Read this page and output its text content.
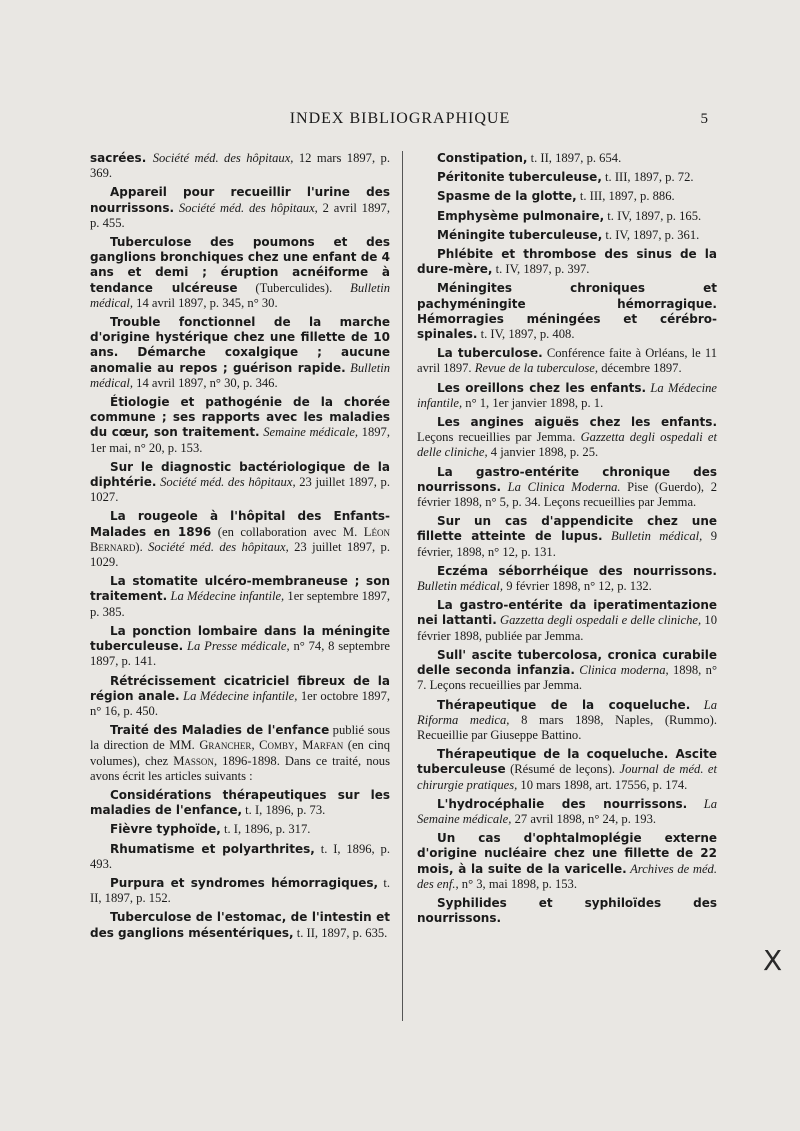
INDEX BIBLIOGRAPHIQUE	5

sacrées. Société méd. des hôpitaux, 12 mars 1897, p. 369.

Appareil pour recueillir l'urine des nourrissons. Société méd. des hôpitaux, 2 avril 1897, p. 455.

Tuberculose des poumons et des ganglions bronchiques chez une enfant de 4 ans et demi ; éruption acnéiforme à tendance ulcéreuse (Tuberculides). Bulletin médical, 14 avril 1897, p. 345, n° 30.

Trouble fonctionnel de la marche d'origine hystérique chez une fillette de 10 ans. Démarche coxalgique ; aucune anomalie au repos ; guérison rapide. Bulletin médical, 14 avril 1897, n° 30, p. 346.

Étiologie et pathogénie de la chorée commune ; ses rapports avec les maladies du cœur, son traitement. Semaine médicale, 1897, 1er mai, n° 20, p. 153.

Sur le diagnostic bactériologique de la diphtérie. Société méd. des hôpitaux, 23 juillet 1897, p. 1027.

La rougeole à l'hôpital des Enfants-Malades en 1896 (en collaboration avec M. Léon Bernard). Société méd. des hôpitaux, 23 juillet 1897, p. 1029.

La stomatite ulcéro-membraneuse ; son traitement. La Médecine infantile, 1er septembre 1897, p. 385.

La ponction lombaire dans la méningite tuberculeuse. La Presse médicale, n° 74, 8 septembre 1897, p. 141.

Rétrécissement cicatriciel fibreux de la région anale. La Médecine infantile, 1er octobre 1897, n° 16, p. 450.

Traité des Maladies de l'enfance publié sous la direction de MM. Grancher, Comby, Marfan (en cinq volumes), chez Masson, 1896-1898. Dans ce traité, nous avons écrit les articles suivants :

Considérations thérapeutiques sur les maladies de l'enfance, t. I, 1896, p. 73.

Fièvre typhoïde, t. I, 1896, p. 317.

Rhumatisme et polyarthrites, t. I, 1896, p. 493.

Purpura et syndromes hémorragiques, t. II, 1897, p. 152.

Tuberculose de l'estomac, de l'intestin et des ganglions mésentériques, t. II, 1897, p. 635.

Constipation, t. II, 1897, p. 654.

Péritonite tuberculeuse, t. III, 1897, p. 72.

Spasme de la glotte, t. III, 1897, p. 886.

Emphysème pulmonaire, t. IV, 1897, p. 165.

Méningite tuberculeuse, t. IV, 1897, p. 361.

Phlébite et thrombose des sinus de la dure-mère, t. IV, 1897, p. 397.

Méningites chroniques et pachyméningite hémorragique. Hémorragies méningées et cérébro-spinales. t. IV, 1897, p. 408.

La tuberculose. Conférence faite à Orléans, le 11 avril 1897. Revue de la tuberculose, décembre 1897.

Les oreillons chez les enfants. La Médecine infantile, n° 1, 1er janvier 1898, p. 1.

Les angines aiguës chez les enfants. Leçons recueillies par Jemma. Gazzetta degli ospedali et delle cliniche, 4 janvier 1898, p. 25.

La gastro-entérite chronique des nourrissons. La Clinica Moderna. Pise (Guerdo), 2 février 1898, n° 5, p. 34. Leçons recueillies par Jemma.

Sur un cas d'appendicite chez une fillette atteinte de lupus. Bulletin médical, 9 février, 1898, n° 12, p. 131.

Eczéma séborrhéique des nourrissons. Bulletin médical, 9 février 1898, n° 12, p. 132.

La gastro-entérite da iperatimentazione nei lattanti. Gazzetta degli ospedali e delle cliniche, 10 février 1898, publiée par Jemma.

Sull' ascite tubercolosa, cronica curabile delle seconda infanzia. Clinica moderna, 1898, n° 7. Leçons recueillies par Jemma.

Thérapeutique de la coqueluche. La Riforma medica, 8 mars 1898, Naples, (Rummo). Recueillie par Giuseppe Battino.

Thérapeutique de la coqueluche. Ascite tuberculeuse (Résumé de leçons). Journal de méd. et chirurgie pratiques, 10 mars 1898, art. 17556, p. 174.

L'hydrocéphalie des nourrissons. La Semaine médicale, 27 avril 1898, n° 24, p. 193.

Un cas d'ophtalmoplégie externe d'origine nucléaire chez une fillette de 22 mois, à la suite de la varicelle. Archives de méd. des enf., n° 3, mai 1898, p. 153.

Syphilides et syphiloïdes des nourrissons.

X
